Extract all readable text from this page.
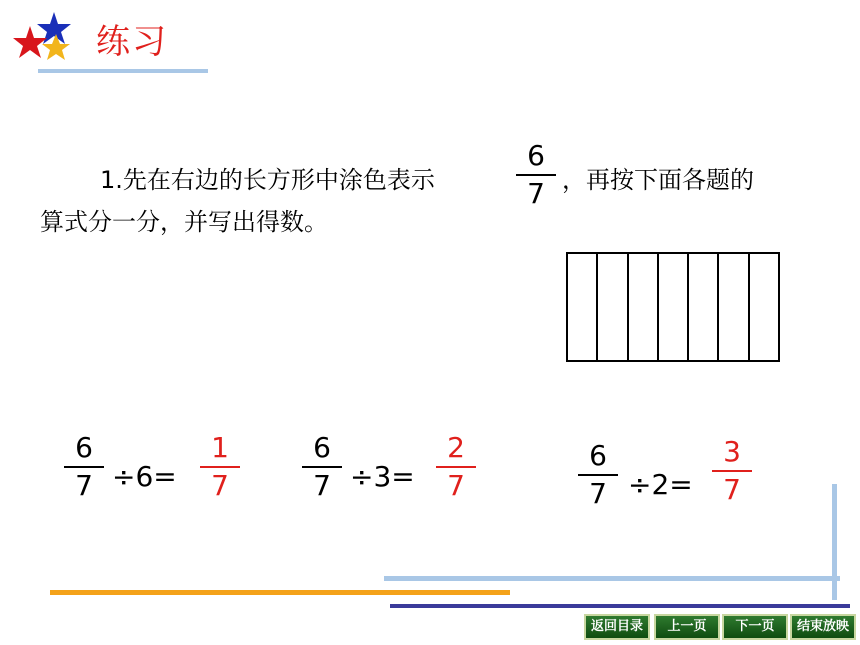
练习
1.先在右边的长方形中涂色表示
6
7 ，再按下面各题的
算式分一分，并写出得数。
6
7 ÷6=
1
7
6
7 ÷3=
2
7
6
7 ÷2=
3
7
返回目录	上一页	下一页	结束放映
